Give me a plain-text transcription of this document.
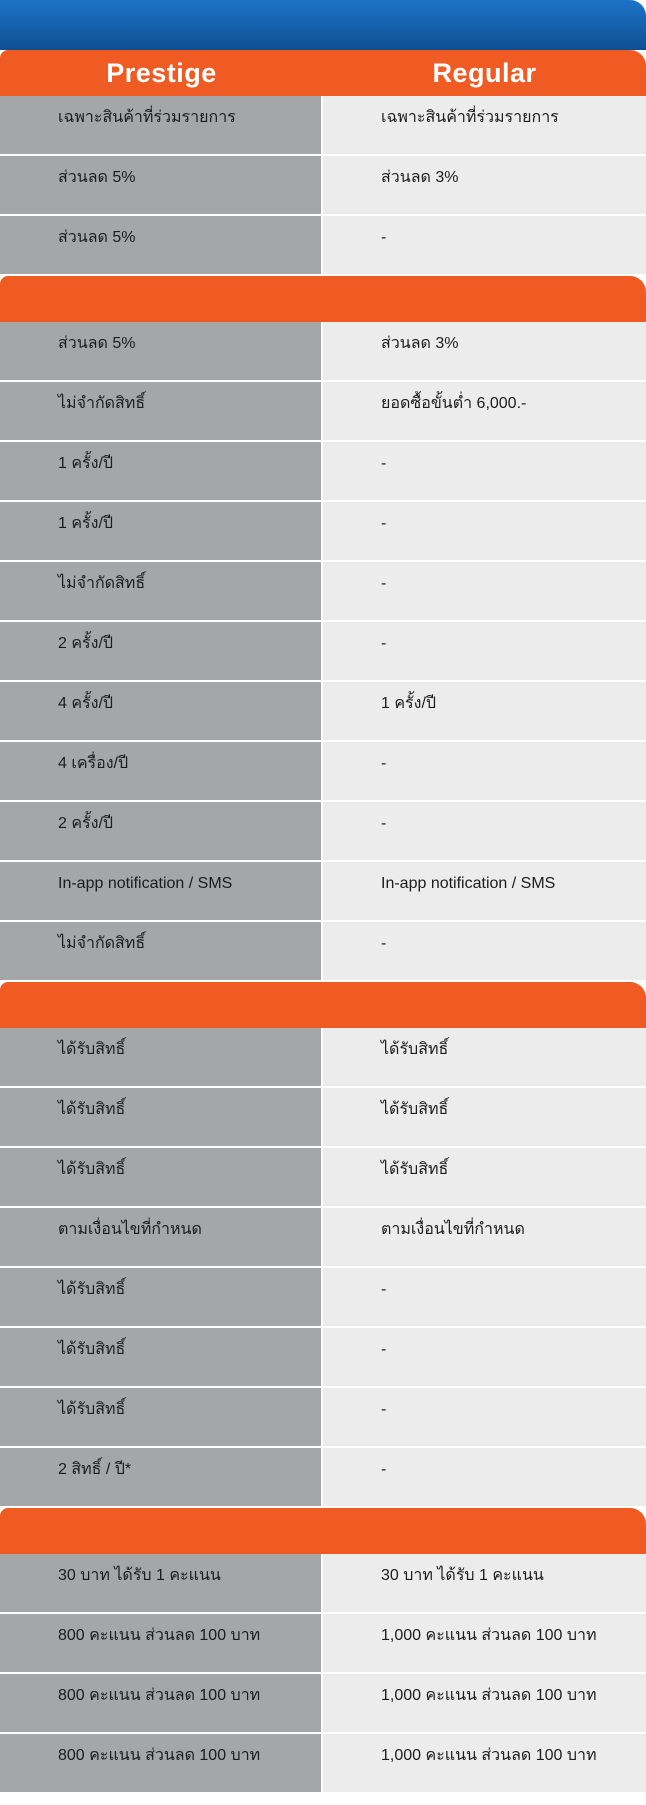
Prestige	Regular
เฉพาะสินค้าที่ร่วมรายการ	เฉพาะสินค้าที่ร่วมรายการ
ส่วนลด 5%	ส่วนลด 3%
ส่วนลด 5%	-
ส่วนลด 5%	ส่วนลด 3%
ไม่จำกัดสิทธิ์	ยอดซื้อขั้นต่ำ 6,000.-
1 ครั้ง/ปี	-
1 ครั้ง/ปี	-
ไม่จำกัดสิทธิ์	-
2 ครั้ง/ปี	-
4 ครั้ง/ปี	1 ครั้ง/ปี
4 เครื่อง/ปี	-
2 ครั้ง/ปี	-
In-app notification / SMS	In-app notification / SMS
ไม่จำกัดสิทธิ์	-
ได้รับสิทธิ์	ได้รับสิทธิ์
ได้รับสิทธิ์	ได้รับสิทธิ์
ได้รับสิทธิ์	ได้รับสิทธิ์
ตามเงื่อนไขที่กำหนด	ตามเงื่อนไขที่กำหนด
ได้รับสิทธิ์	-
ได้รับสิทธิ์	-
ได้รับสิทธิ์	-
2 สิทธิ์ / ปี*	-
30 บาท ได้รับ 1 คะแนน	30 บาท ได้รับ 1 คะแนน
800 คะแนน ส่วนลด 100 บาท	1,000 คะแนน ส่วนลด 100 บาท
800 คะแนน ส่วนลด 100 บาท	1,000 คะแนน ส่วนลด 100 บาท
800 คะแนน ส่วนลด 100 บาท	1,000 คะแนน ส่วนลด 100 บาท
